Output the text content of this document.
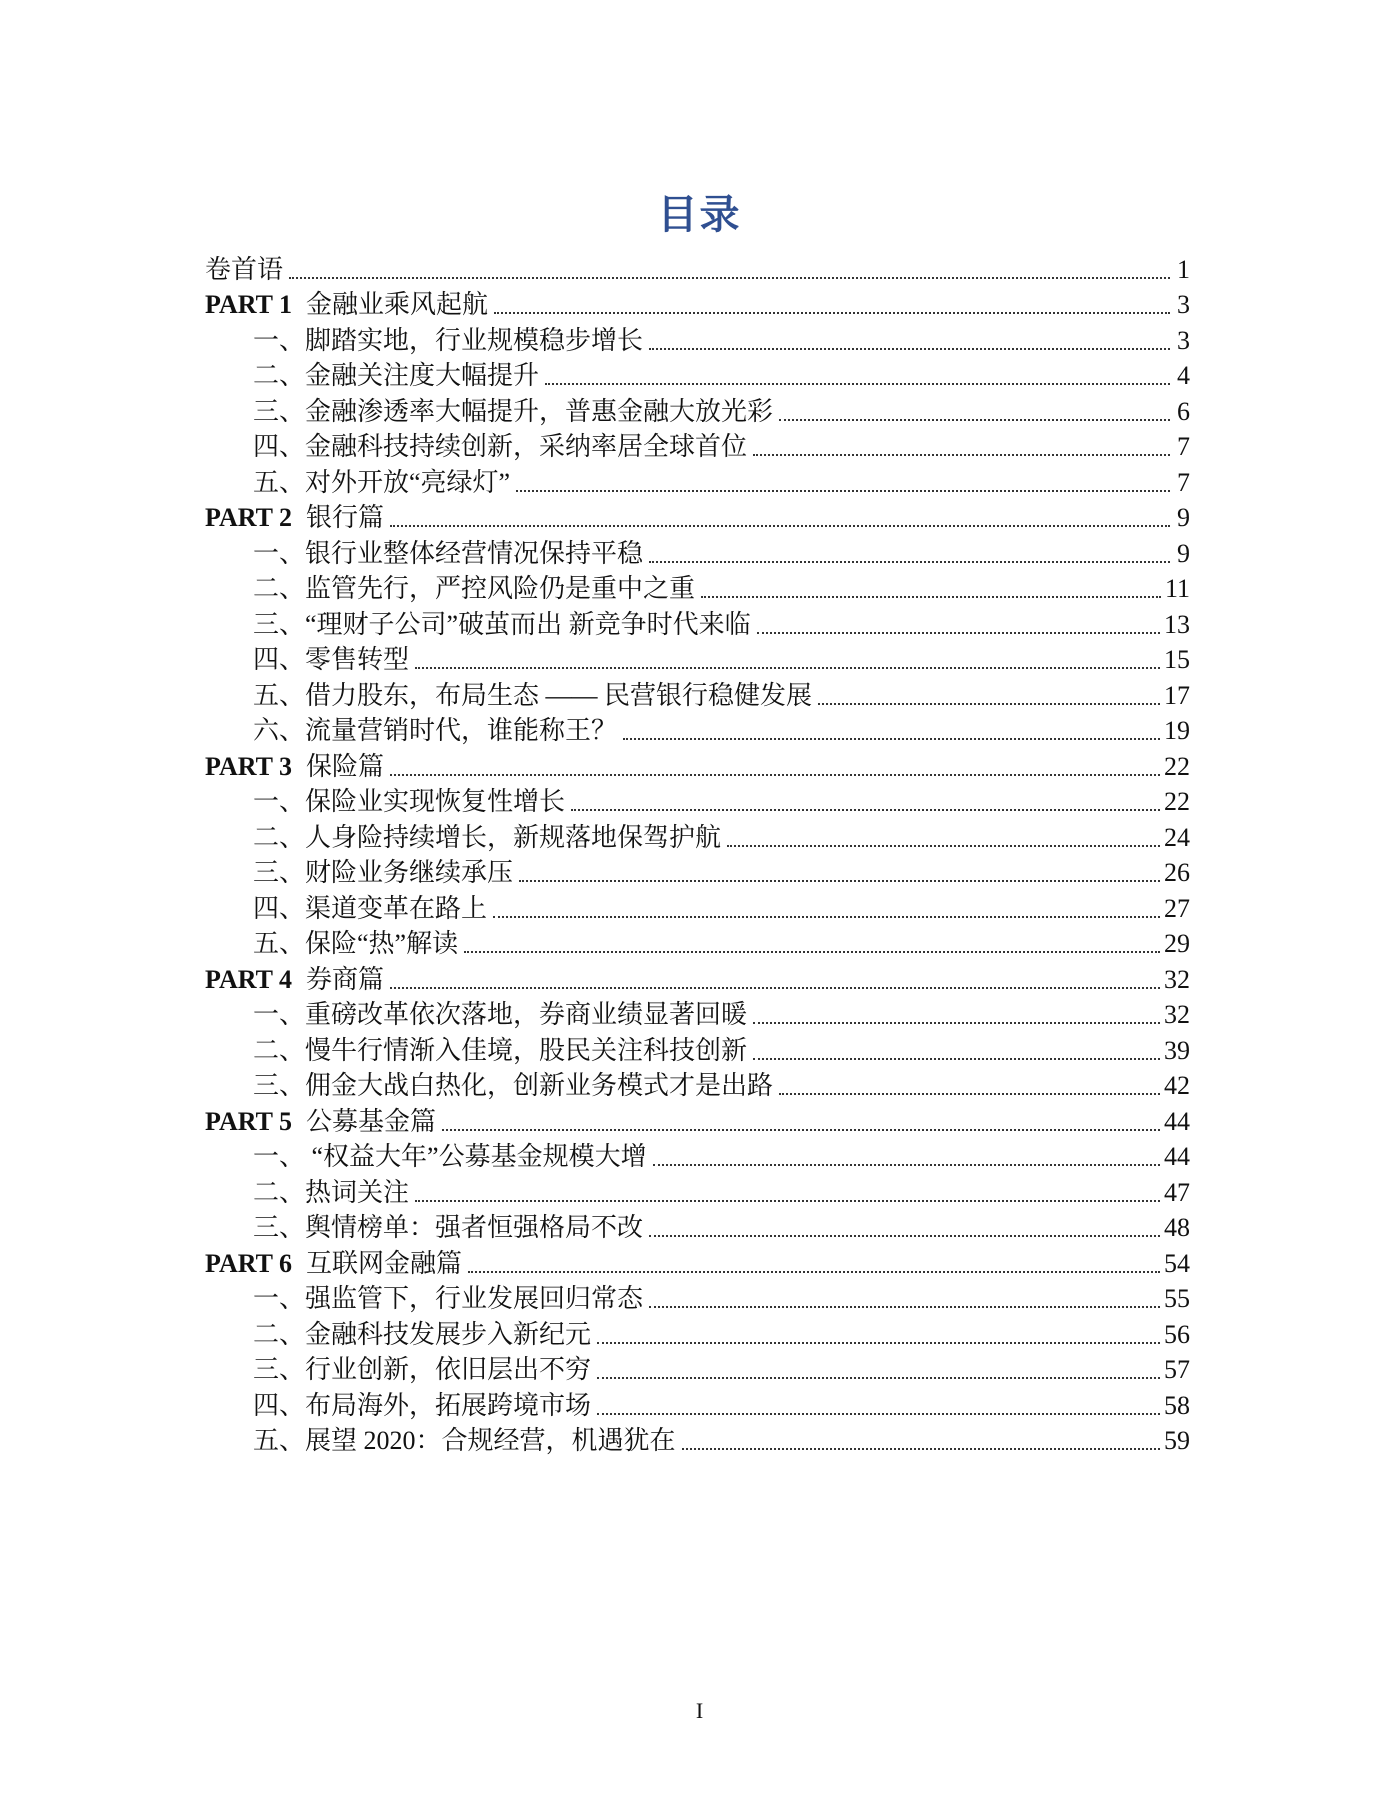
目录
卷首语	1
PART 1 金融业乘风起航	3
一、脚踏实地，行业规模稳步增长	3
二、金融关注度大幅提升	4
三、金融渗透率大幅提升，普惠金融大放光彩	6
四、金融科技持续创新，采纳率居全球首位	7
五、对外开放“亮绿灯”	7
PART 2 银行篇	9
一、银行业整体经营情况保持平稳	9
二、监管先行，严控风险仍是重中之重	11
三、“理财子公司”破茧而出 新竞争时代来临	13
四、零售转型	15
五、借力股东，布局生态 —— 民营银行稳健发展	17
六、流量营销时代，谁能称王？	19
PART 3 保险篇	22
一、保险业实现恢复性增长	22
二、人身险持续增长，新规落地保驾护航	24
三、财险业务继续承压	26
四、渠道变革在路上	27
五、保险“热”解读	29
PART 4 券商篇	32
一、重磅改革依次落地，券商业绩显著回暖	32
二、慢牛行情渐入佳境，股民关注科技创新	39
三、佣金大战白热化，创新业务模式才是出路	42
PART 5 公募基金篇	44
一、 “权益大年”公募基金规模大增	44
二、热词关注	47
三、舆情榜单：强者恒强格局不改	48
PART 6 互联网金融篇	54
一、强监管下，行业发展回归常态	55
二、金融科技发展步入新纪元	56
三、行业创新，依旧层出不穷	57
四、布局海外，拓展跨境市场	58
五、展望 2020：合规经营，机遇犹在	59
I
